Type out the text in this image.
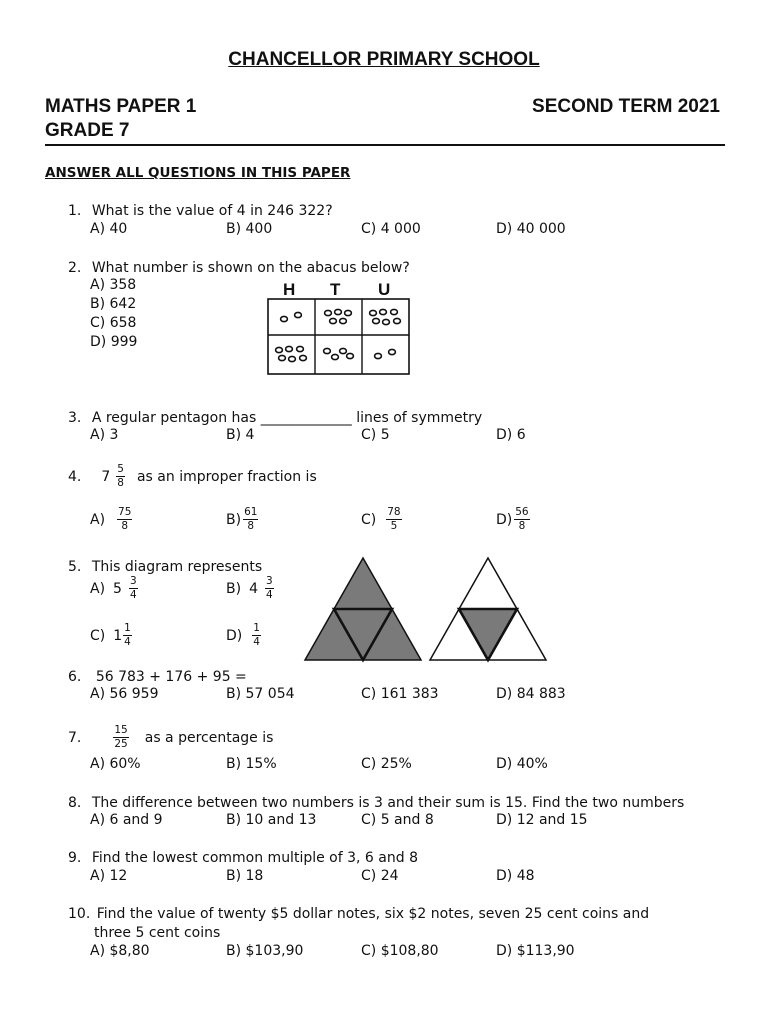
CHANCELLOR PRIMARY SCHOOL
MATHS PAPER 1	SECOND TERM 2021
GRADE 7
ANSWER ALL QUESTIONS IN THIS PAPER
1. What is the value of 4 in 246 322?
A) 40	B) 400	C) 4 000	D) 40 000
2. What number is shown on the abacus below?
A) 358
B) 642
C) 658
D) 999
H T U
3. A regular pentagon has _____________ lines of symmetry
A) 3	B) 4	C) 5	D) 6
4. $7 \frac{5}{8}$ as an improper fraction is
$A) \frac{75}{8}$	$B) \frac{61}{8}$	$C) \frac{78}{5}$	$D) \frac{56}{8}$
5. This diagram represents
A) $5 \frac{3}{4}$	B) $4 \frac{3}{4}$
C) $1 \frac{1}{4}$	$D) \frac{1}{4}$
6. 56 783 + 176 + 95 =
A) 56 959	B) 57 054	C) 161 383	D) 84 883
7.	$\frac{15}{25}$ as a percentage is
A) 60%	B) 15%	C) 25%	D) 40%
8. The difference between two numbers is 3 and their sum is 15. Find the two numbers
A) 6 and 9	B) 10 and 13	C) 5 and 8	D) 12 and 15
9. Find the lowest common multiple of 3, 6 and 8
A) 12	B) 18	C) 24	D) 48
10. Find the value of twenty $5 dollar notes, six $2 notes, seven 25 cent coins and
three 5 cent coins
A) $8,80	B) $103,90	C) $108,80	D) $113,90
